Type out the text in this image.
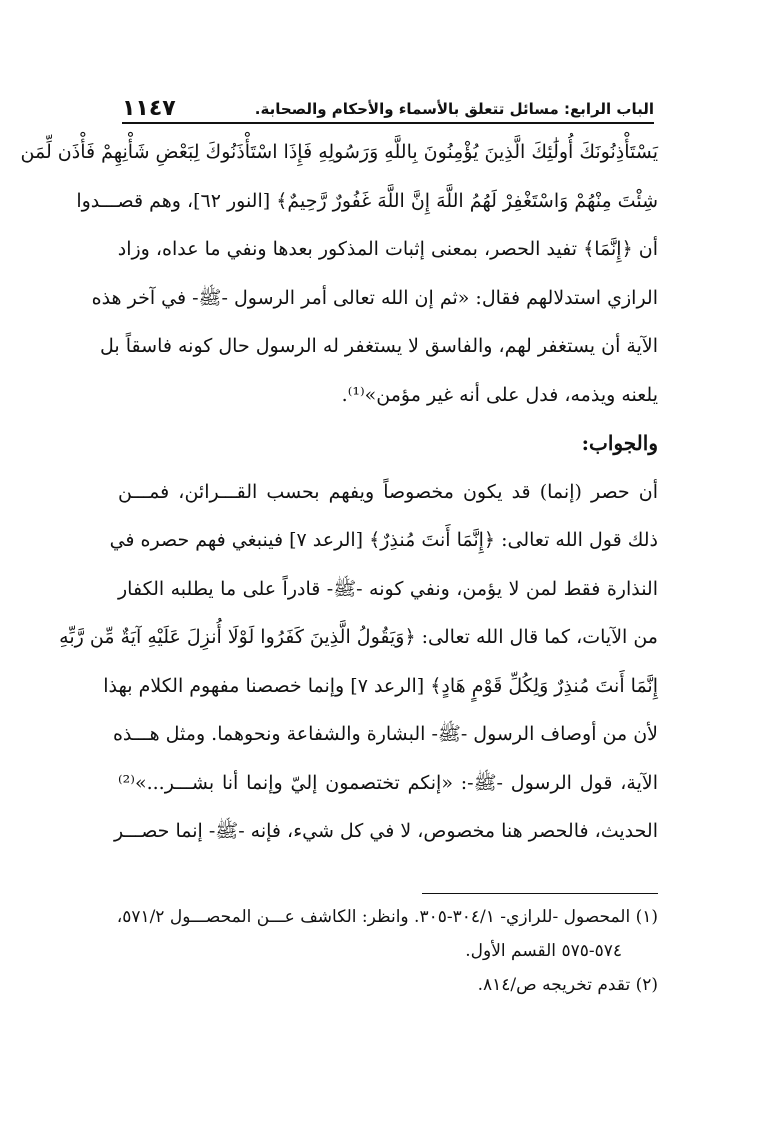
الباب الرابع: مسائل تتعلق بالأسماء والأحكام والصحابة.
١١٤٧
يَسْتَأْذِنُونَكَ أُولَٰئِكَ الَّذِينَ يُؤْمِنُونَ بِاللَّهِ وَرَسُولِهِ فَإِذَا اسْتَأْذَنُوكَ لِبَعْضِ شَأْنِهِمْ فَأْذَن لِّمَن
شِئْتَ مِنْهُمْ وَاسْتَغْفِرْ لَهُمُ اللَّهَ إِنَّ اللَّهَ غَفُورٌ رَّحِيمٌ﴾ [النور ٦٢]، وهم قصـــدوا
أن ﴿إِنَّمَا﴾ تفيد الحصر، بمعنى إثبات المذكور بعدها ونفي ما عداه، وزاد
الرازي استدلالهم فقال: «ثم إن الله تعالى أمر الرسول -ﷺ- في آخر هذه
الآية أن يستغفر لهم، والفاسق لا يستغفر له الرسول حال كونه فاسقاً بل
يلعنه ويذمه، فدل على أنه غير مؤمن»⁽¹⁾.
والجواب:
أن حصر (إنما) قد يكون مخصوصاً ويفهم بحسب القـــرائن، فمـــن
ذلك قول الله تعالى: ﴿إِنَّمَا أَنتَ مُنذِرٌ﴾ [الرعد ٧] فينبغي فهم حصره في
النذارة فقط لمن لا يؤمن، ونفي كونه -ﷺ- قادراً على ما يطلبه الكفار
من الآيات، كما قال الله تعالى: ﴿وَيَقُولُ الَّذِينَ كَفَرُوا لَوْلَا أُنزِلَ عَلَيْهِ آيَةٌ مِّن رَّبِّهِ
إِنَّمَا أَنتَ مُنذِرٌ وَلِكُلِّ قَوْمٍ هَادٍ﴾ [الرعد ٧] وإنما خصصنا مفهوم الكلام بهذا
لأن من أوصاف الرسول -ﷺ- البشارة والشفاعة ونحوهما. ومثل هـــذه
الآية، قول الرسول -ﷺ-: «إنكم تختصمون إليّ وإنما أنا بشـــر...»⁽²⁾
الحديث، فالحصر هنا مخصوص، لا في كل شيء، فإنه -ﷺ- إنما حصـــر
(١) المحصول -للرازي- ٣٠٤/١-٣٠٥. وانظر: الكاشف عـــن المحصـــول ٥٧١/٢،
٥٧٤-٥٧٥ القسم الأول.
(٢) تقدم تخريجه ص/٨١٤.
